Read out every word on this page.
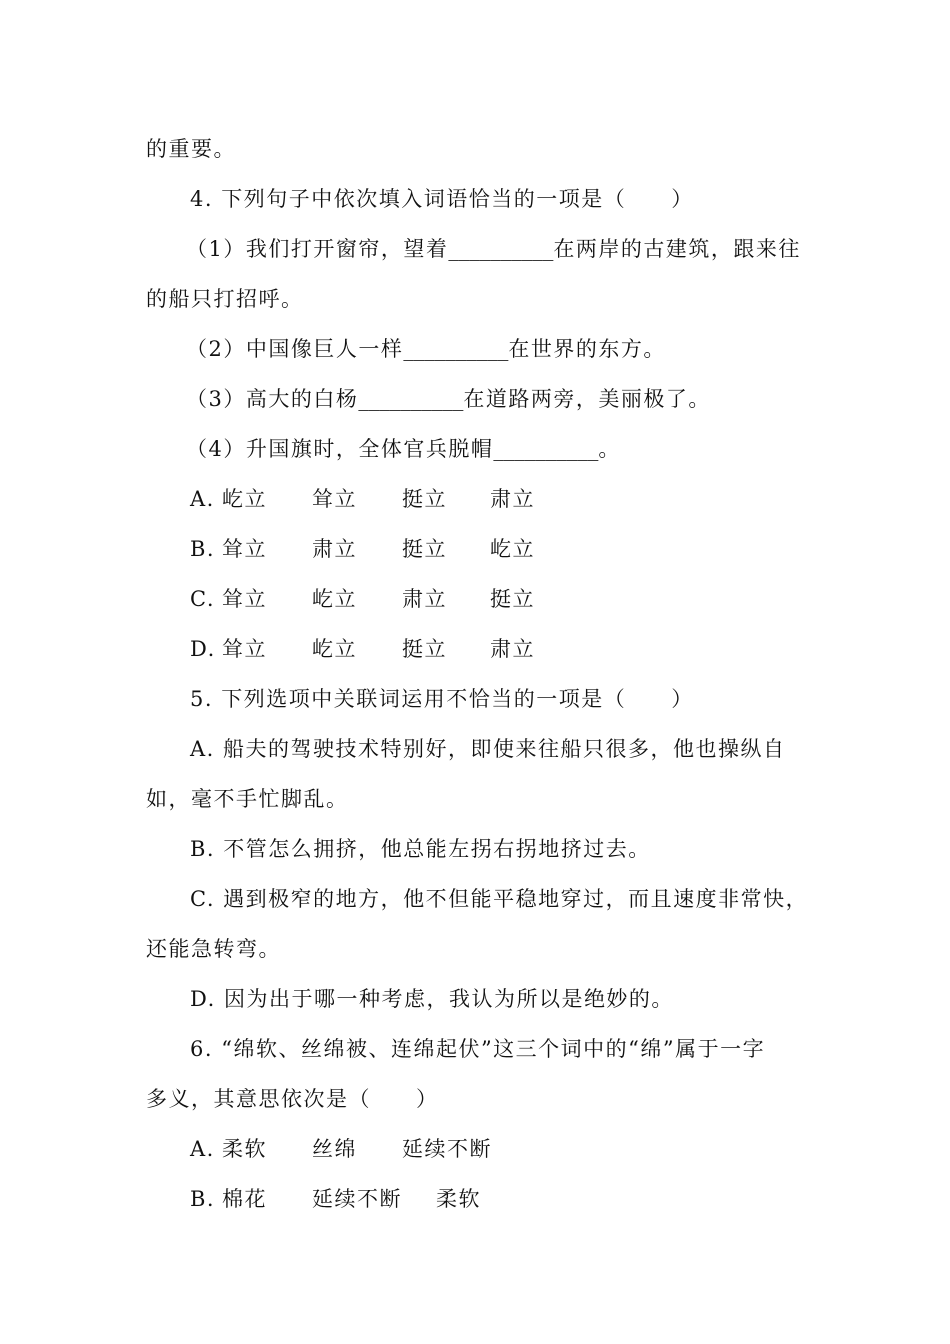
的重要。
4. 下列句子中依次填入词语恰当的一项是（　　）
（1）我们打开窗帘，望着__________在两岸的古建筑，跟来往
的船只打招呼。
（2）中国像巨人一样__________在世界的东方。
（3）高大的白杨__________在道路两旁，美丽极了。
（4）升国旗时，全体官兵脱帽__________。
A. 屹立 耸立 挺立 肃立
B. 耸立 肃立 挺立 屹立
C. 耸立 屹立 肃立 挺立
D. 耸立 屹立 挺立 肃立
5. 下列选项中关联词运用不恰当的一项是（　　）
A. 船夫的驾驶技术特别好，即使来往船只很多，他也操纵自
如，毫不手忙脚乱。
B. 不管怎么拥挤，他总能左拐右拐地挤过去。
C. 遇到极窄的地方，他不但能平稳地穿过，而且速度非常快，
还能急转弯。
D. 因为出于哪一种考虑，我认为所以是绝妙的。
6. “绵软、丝绵被、连绵起伏”这三个词中的“绵”属于一字
多义，其意思依次是（　　）
A. 柔软 丝绵 延续不断
B. 棉花 延续不断 柔软
